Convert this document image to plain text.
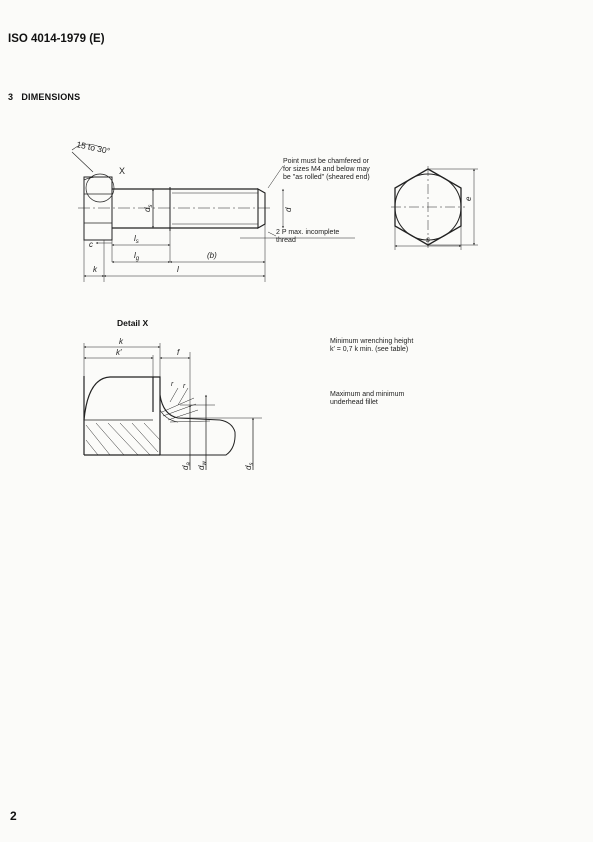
ISO 4014-1979 (E)
3 DIMENSIONS
Point must be chamfered or
for sizes M4 and below may
be "as rolled" (sheared end)
2 P max. incomplete
thread
Detail X
Minimum wrenching height
k′ = 0,7 k min. (see table)
Maximum and minimum
underhead fillet
15 to 30°
X
c
$l_s$
$l_g$	(b)
k	l
d
$d_s$
e
s
k
k′	f
r r
$d_a$
$d_w$
$d_s$
2
